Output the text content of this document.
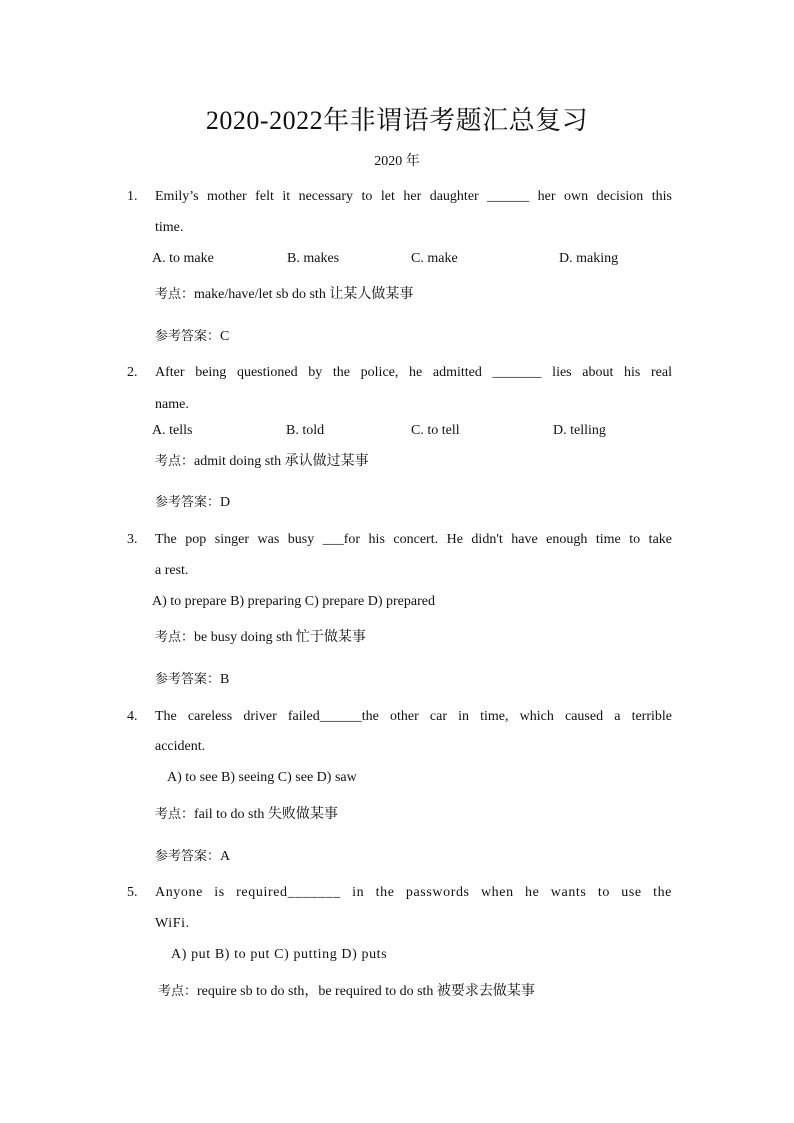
2020-2022年非谓语考题汇总复习
2020 年
1. Emily’s mother felt it necessary to let her daughter ______ her own decision this
time.
A. to make	B. makes	C. make	D. making
考点：make/have/let sb do sth 让某人做某事
参考答案：C
2. After being questioned by the police, he admitted _______ lies about his real
name.
A. tells	B. told	C. to tell	D. telling
考点：admit doing sth 承认做过某事
参考答案：D
3. The pop singer was busy ___for his concert. He didn't have enough time to take
a rest.
A) to prepare B) preparing C) prepare D) prepared
考点：be busy doing sth 忙于做某事
参考答案：B
4. The careless driver failed______the other car in time, which caused a terrible
accident.
A) to see B) seeing C) see D) saw
考点：fail to do sth 失败做某事
参考答案：A
5. Anyone is required_______ in the passwords when he wants to use the
WiFi.
A) put B) to put C) putting D) puts
考点：require sb to do sth，be required to do sth 被要求去做某事
